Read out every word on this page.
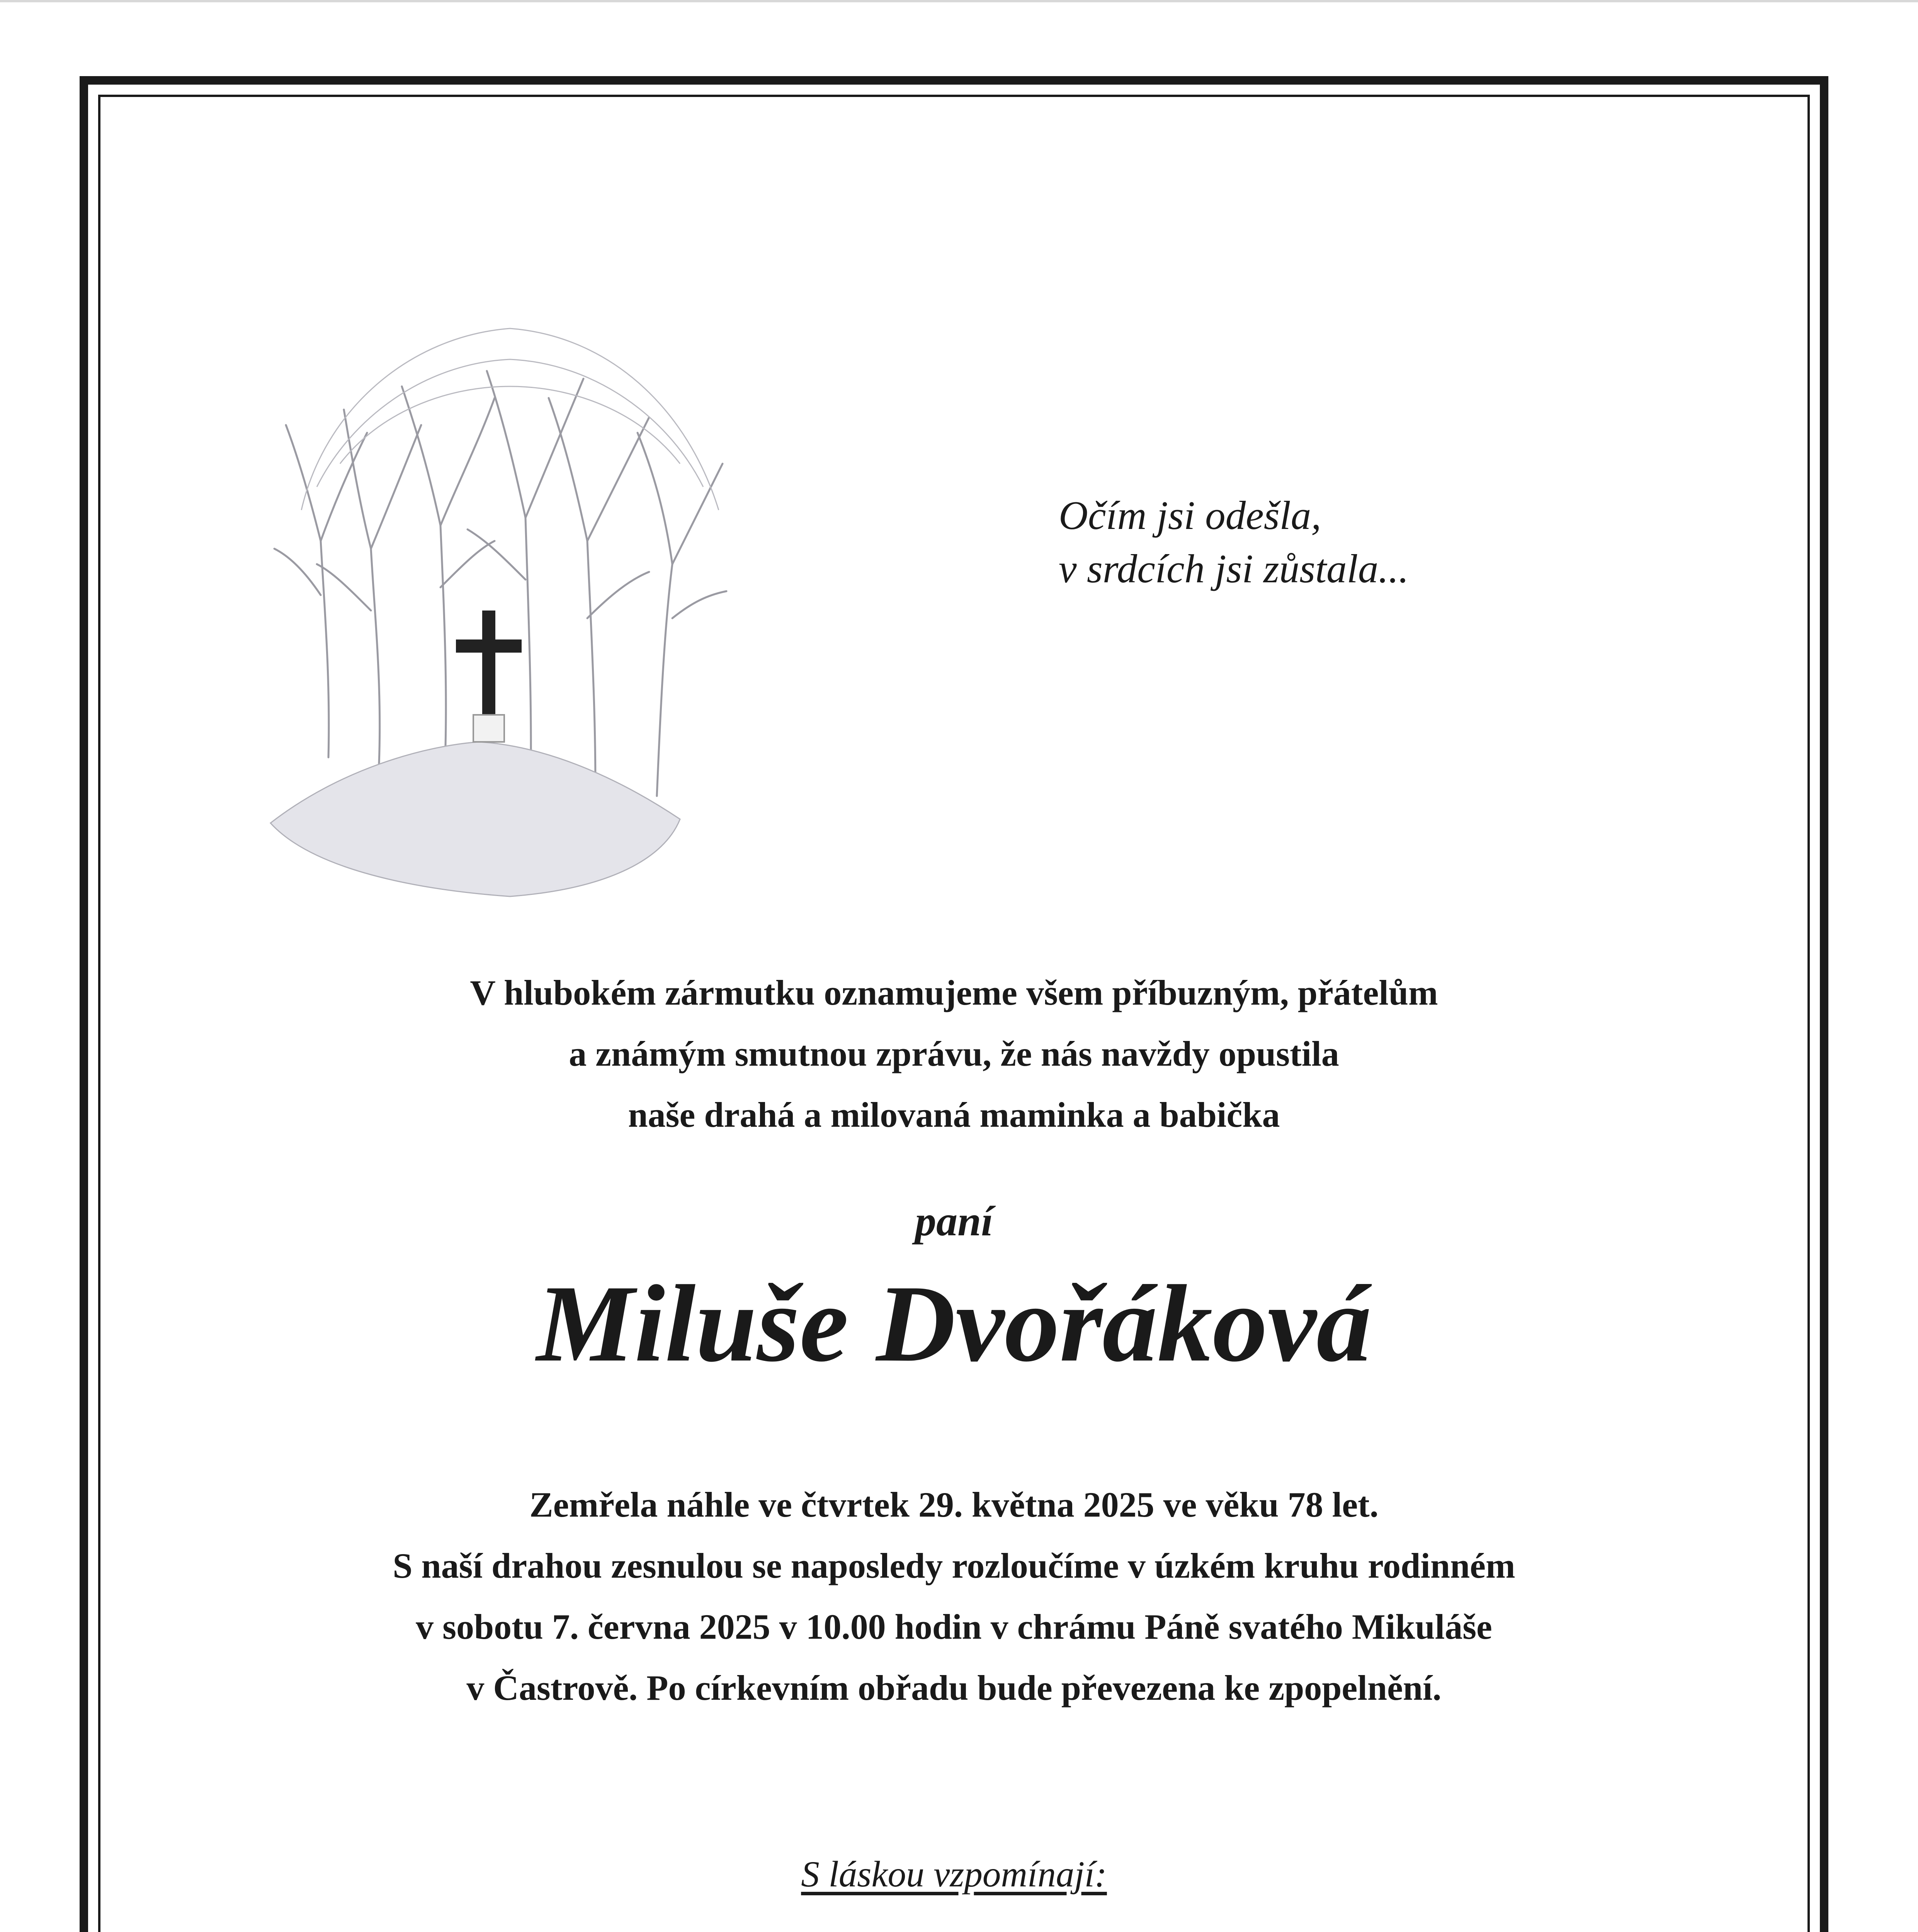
Očím jsi odešla,
v srdcích jsi zůstala...
V hlubokém zármutku oznamujeme všem příbuzným, přátelům
a známým smutnou zprávu, že nás navždy opustila
naše drahá a milovaná maminka a babička
paní
Miluše Dvořáková
Zemřela náhle ve čtvrtek 29. května 2025 ve věku 78 let.
S naší drahou zesnulou se naposledy rozloučíme v úzkém kruhu rodinném
v sobotu 7. června 2025 v 10.00 hodin v chrámu Páně svatého Mikuláše
v Častrově. Po církevním obřadu bude převezena ke zpopelnění.
S láskou vzpomínají:
